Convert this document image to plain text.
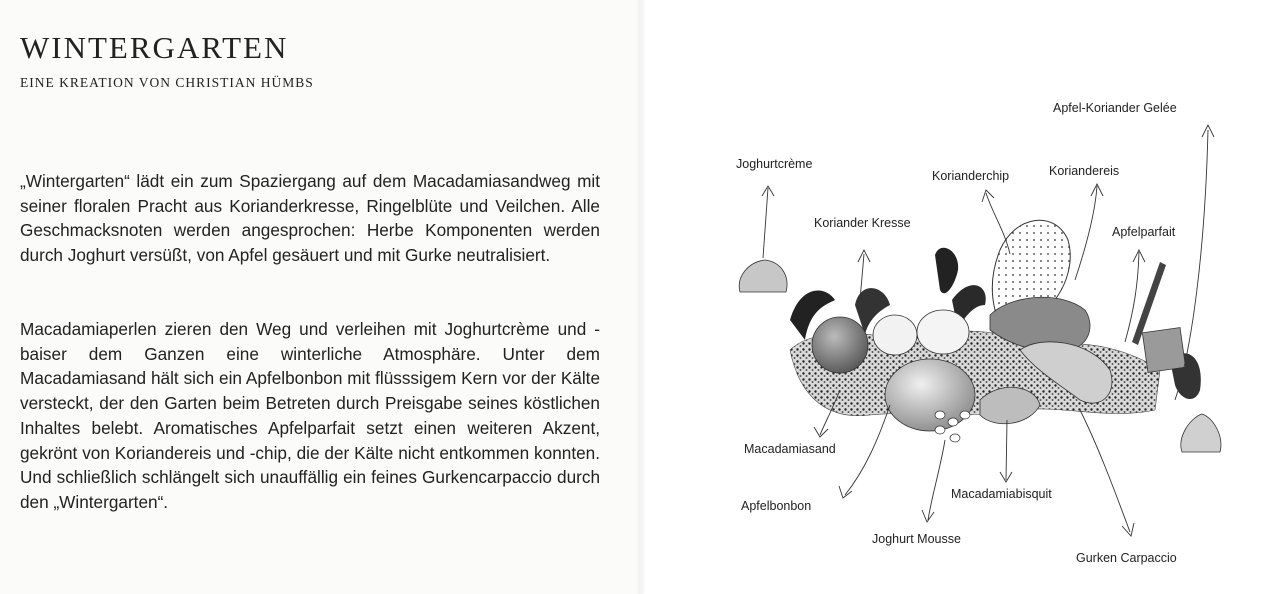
WINTERGARTEN

EINE KREATION VON CHRISTIAN HÜMBS

„Wintergarten“ lädt ein zum Spaziergang auf dem Macadamiasandweg mit seiner floralen Pracht aus Korianderkresse, Ringelblüte und Veilchen. Alle Geschmacksnoten werden angesprochen: Herbe Komponenten werden durch Joghurt versüßt, von Apfel gesäuert und mit Gurke neutralisiert.

Macadamiaperlen zieren den Weg und verleihen mit Joghurtcrème und -baiser dem Ganzen eine winterliche Atmosphäre. Unter dem Macadamiasand hält sich ein Apfelbonbon mit flüsssigem Kern vor der Kälte versteckt, der den Garten beim Betreten durch Preisgabe seines köstlichen Inhaltes belebt. Aromatisches Apfelparfait setzt einen weiteren Akzent, gekrönt von Koriandereis und -chip, die der Kälte nicht entkommen konnten. Und schließlich schlängelt sich unauffällig ein feines Gurkencarpaccio durch den „Wintergarten“.

Apfel-Koriander Gelée
Joghurtcrème
Korianderchip	Koriandereis
Koriander Kresse
Apfelparfait
Macadamiasand
Apfelbonbon
Macadamiabisquit
Joghurt Mousse
Gurken Carpaccio
